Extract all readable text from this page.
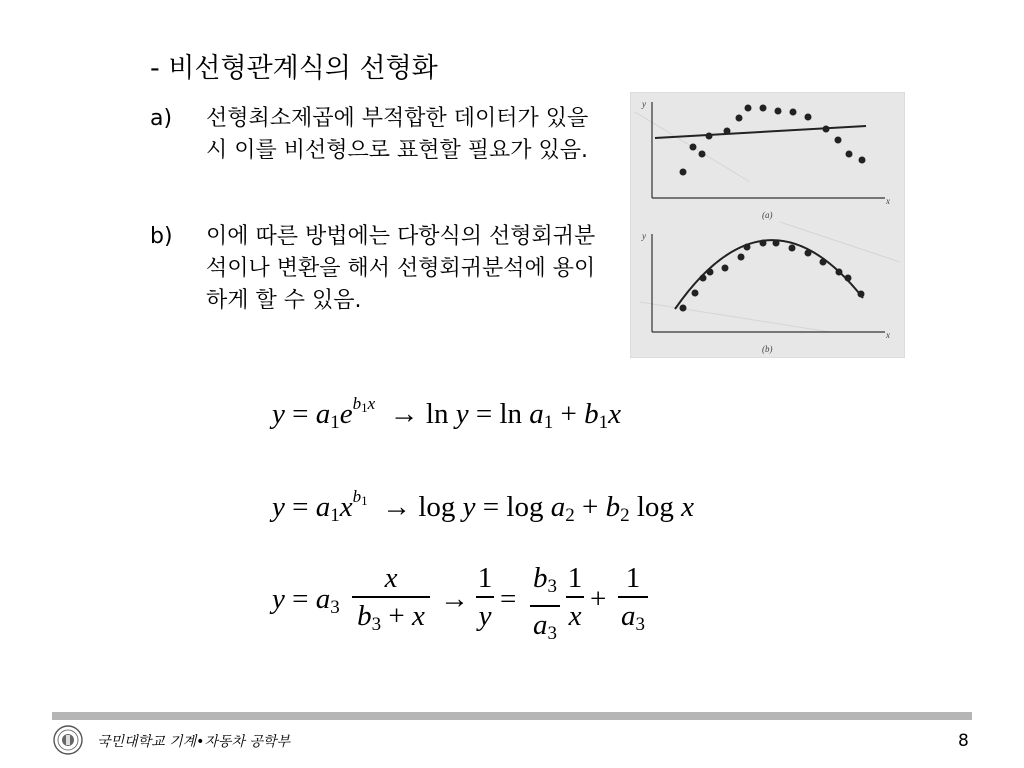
- 비선형관계식의 선형화
a)	선형최소제곱에 부적합한 데이터가 있을 시 이를 비선형으로 표현할 필요가 있음.
b)	이에 따른 방법에는 다항식의 선형회귀분석이나 변환을 해서 선형회귀분석에 용이하게 할 수 있음.
y
x
(a)
y
x
(b)
$y = a_1e^{b_1x} \to \ln y = \ln a_1 + b_1x$
$y = a_1x^{b_1} \to \log y = \log a_2 + b_2$ log x
$y = a_3$
x
$b_3 + x$
→
1
y
=
$b_3$
$a_3$
1
x
+
1
$a_3$
국민대학교 기계•자동차 공학부	8
